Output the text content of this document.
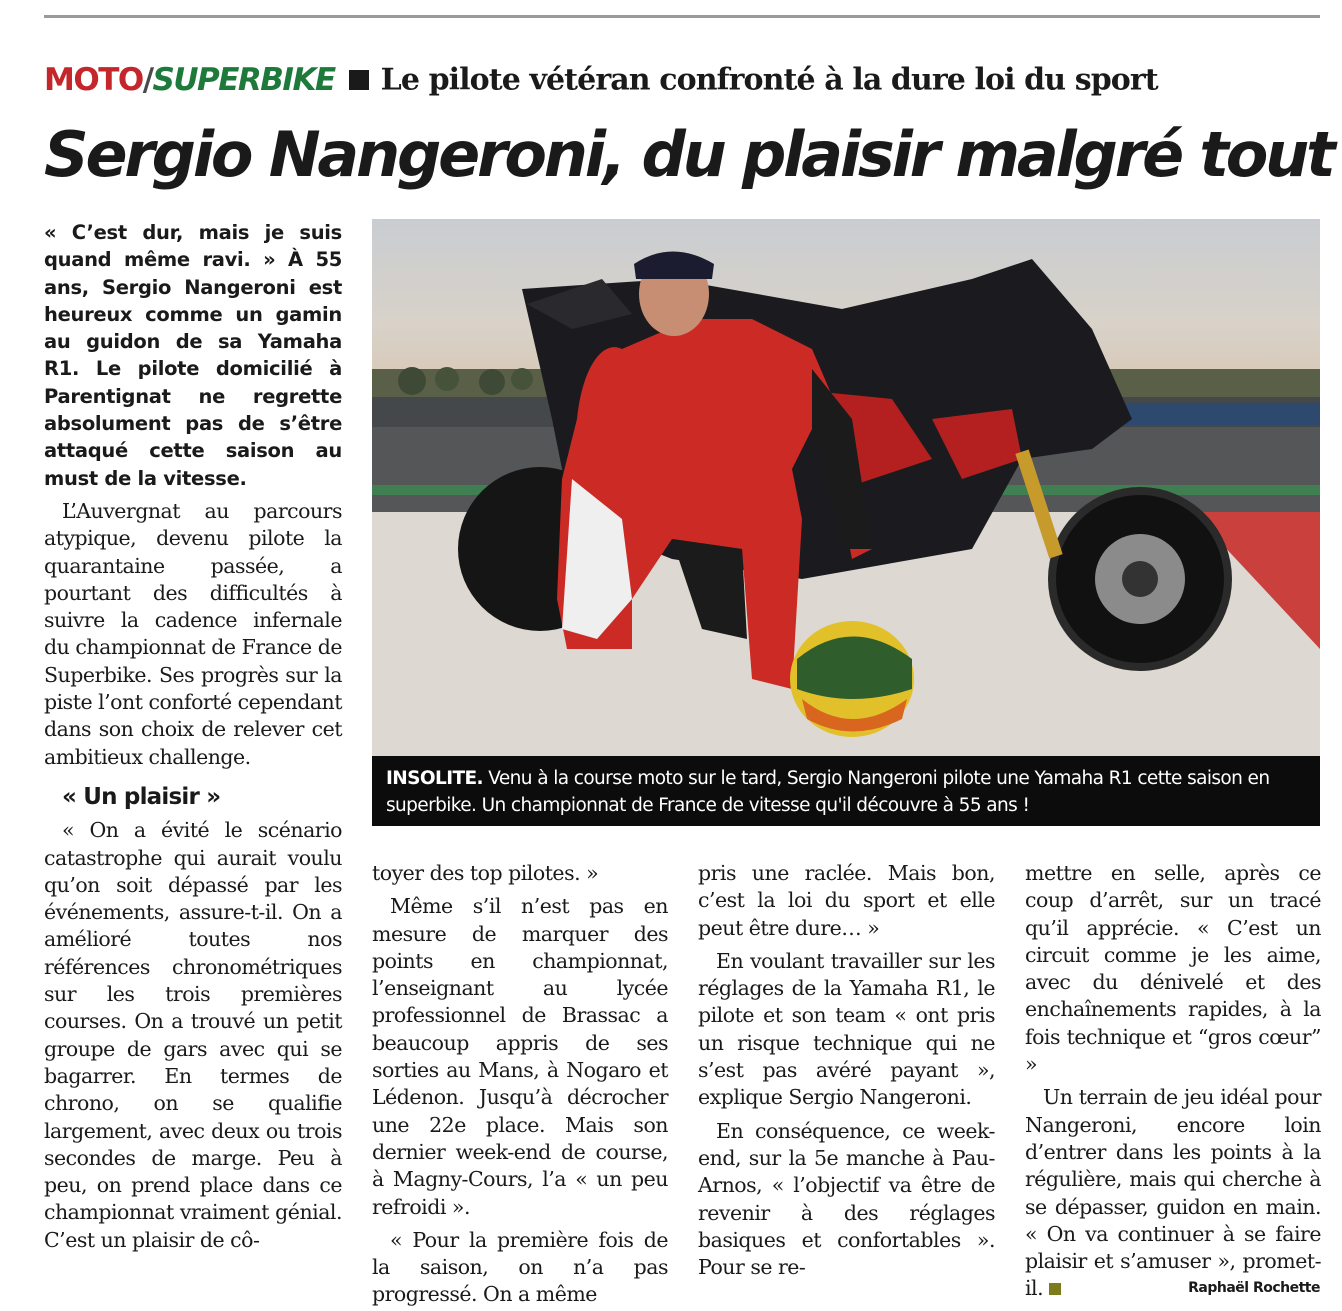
MOTO/SUPERBIKE Le pilote vétéran confronté à la dure loi du sport
Sergio Nangeroni, du plaisir malgré tout

« C’est dur, mais je suis quand même ravi. » À 55 ans, Sergio Nangeroni est heureux comme un gamin au guidon de sa Yamaha R1. Le pilote domicilié à Parentignat ne regrette absolument pas de s’être attaqué cette saison au must de la vitesse.

L’Auvergnat au parcours atypique, devenu pilote la quarantaine passée, a pourtant des difficultés à suivre la cadence infernale du championnat de France de Superbike. Ses progrès sur la piste l’ont conforté cependant dans son choix de relever cet ambitieux challenge.

« Un plaisir »

« On a évité le scénario catastrophe qui aurait voulu qu’on soit dépassé par les événements, assure-t-il. On a amélioré toutes nos références chronométriques sur les trois premières courses. On a trouvé un petit groupe de gars avec qui se bagarrer. En termes de chrono, on se qualifie largement, avec deux ou trois secondes de marge. Peu à peu, on prend place dans ce championnat vraiment génial. C’est un plaisir de cô-

INSOLITE. Venu à la course moto sur le tard, Sergio Nangeroni pilote une Yamaha R1 cette saison en superbike. Un championnat de France de vitesse qu'il découvre à 55 ans !

toyer des top pilotes. »

Même s’il n’est pas en mesure de marquer des points en championnat, l’enseignant au lycée professionnel de Brassac a beaucoup appris de ses sorties au Mans, à Nogaro et Lédenon. Jusqu’à décrocher une 22e place. Mais son dernier week-end de course, à Magny-Cours, l’a « un peu refroidi ».

« Pour la première fois de la saison, on n’a pas progressé. On a même

pris une raclée. Mais bon, c’est la loi du sport et elle peut être dure… »

En voulant travailler sur les réglages de la Yamaha R1, le pilote et son team « ont pris un risque technique qui ne s’est pas avéré payant », explique Sergio Nangeroni.

En conséquence, ce week-end, sur la 5e manche à Pau-Arnos, « l’objectif va être de revenir à des réglages basiques et confortables ». Pour se re-

mettre en selle, après ce coup d’arrêt, sur un tracé qu’il apprécie. « C’est un circuit comme je les aime, avec du dénivelé et des enchaînements rapides, à la fois technique et “gros cœur” »

Un terrain de jeu idéal pour Nangeroni, encore loin d’entrer dans les points à la régulière, mais qui cherche à se dépasser, guidon en main. « On va continuer à se faire plaisir et s’amuser », promet-il.	Raphaël Rochette
